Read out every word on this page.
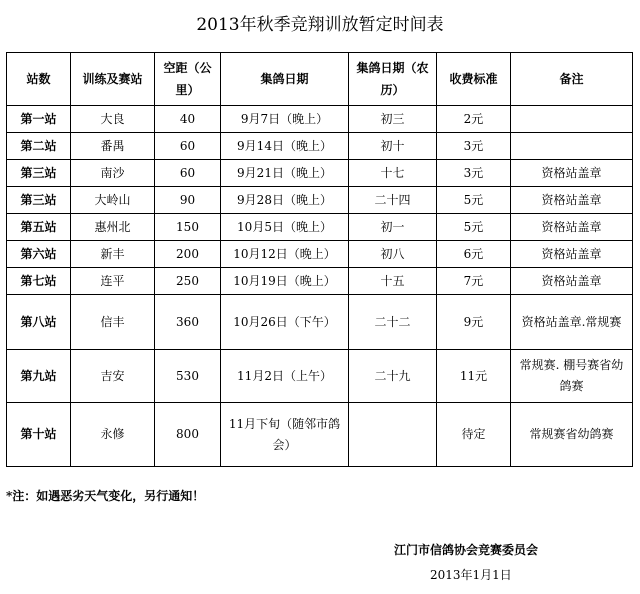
2013年秋季竞翔训放暂定时间表
站数	训练及赛站	空距（公里）	集鸽日期	集鸽日期（农历）	收费标准	备注
第一站	大良	40	9月7日（晚上）	初三	2元	
第二站	番禺	60	9月14日（晚上）	初十	3元	
第三站	南沙	60	9月21日（晚上）	十七	3元	资格站盖章
第三站	大岭山	90	9月28日（晚上）	二十四	5元	资格站盖章
第五站	惠州北	150	10月5日（晚上）	初一	5元	资格站盖章
第六站	新丰	200	10月12日（晚上）	初八	6元	资格站盖章
第七站	连平	250	10月19日（晚上）	十五	7元	资格站盖章
第八站	信丰	360	10月26日（下午）	二十二	9元	资格站盖章.常规赛
第九站	吉安	530	11月2日（上午）	二十九	11元	常规赛. 棚号赛省幼鸽赛
第十站	永修	800	11月下旬（随邻市鸽会）		待定	常规赛省幼鸽赛
*注：如遇恶劣天气变化，另行通知！
江门市信鸽协会竞赛委员会
2013年1月1日
